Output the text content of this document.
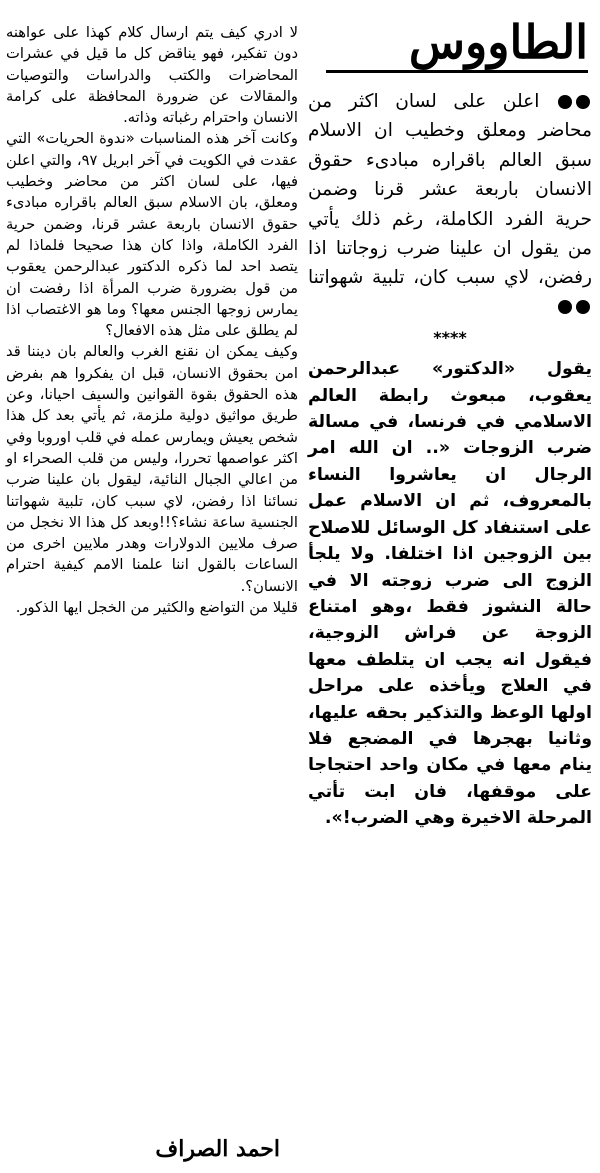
الطاووس

اعلن على لسان اكثر من محاضر ومعلق وخطيب ان الاسلام سبق العالم باقراره مبادىء حقوق الانسان باربعة عشر قرنا وضمن حرية الفرد الكاملة، رغم ذلك يأتي من يقول ان علينا ضرب زوجاتنا اذا رفضن، لاي سبب كان، تلبية شهواتنا

****

يقول «الدكتور» عبدالرحمن يعقوب، مبعوث رابطة العالم الاسلامي في فرنسا، في مسالة ضرب الزوجات «.. ان الله امر الرجال ان يعاشروا النساء بالمعروف، ثم ان الاسلام عمل على استنفاد كل الوسائل للاصلاح بين الزوجين اذا اختلفا. ولا يلجأ الزوج الى ضرب زوجته الا في حالة النشوز فقط ،وهو امتناع الزوجة عن فراش الزوجية، فيقول انه يجب ان يتلطف معها في العلاج ويأخذه على مراحل اولها الوعظ والتذكير بحقه عليها، وثانيا بهجرها في المضجع فلا ينام معها في مكان واحد احتجاجا على موقفها، فان ابت تأتي المرحلة الاخيرة وهي الضرب!».

لا ادري كيف يتم ارسال كلام كهذا على عواهنه دون تفكير، فهو يناقض كل ما قيل في عشرات المحاضرات والكتب والدراسات والتوصيات والمقالات عن ضرورة المحافظة على كرامة الانسان واحترام رغباته وذاته.

وكانت آخر هذه المناسبات «ندوة الحريات» التي عقدت في الكويت في آخر ابريل ٩٧، والتي اعلن فيها، على لسان اكثر من محاضر وخطيب ومعلق، بان الاسلام سبق العالم باقراره مبادىء حقوق الانسان باربعة عشر قرنا، وضمن حرية الفرد الكاملة، واذا كان هذا صحيحا فلماذا لم يتصد احد لما ذكره الدكتور عبدالرحمن يعقوب من قول بضرورة ضرب المرأة اذا رفضت ان يمارس زوجها الجنس معها؟ وما هو الاغتصاب اذا لم يطلق على مثل هذه الافعال؟

وكيف يمكن ان نقنع الغرب والعالم بان ديننا قد امن بحقوق الانسان، قبل ان يفكروا هم بفرض هذه الحقوق بقوة القوانين والسيف احيانا، وعن طريق مواثيق دولية ملزمة، ثم يأتي بعد كل هذا شخص يعيش ويمارس عمله في قلب اوروبا وفي اكثر عواصمها تحررا، وليس من قلب الصحراء او من اعالي الجبال النائية، ليقول بان علينا ضرب نسائنا اذا رفضن، لاي سبب كان، تلبية شهواتنا الجنسية ساعة نشاء؟!!وبعد كل هذا الا نخجل من صرف ملايين الدولارات وهدر ملايين اخرى من الساعات بالقول اننا علمنا الامم كيفية احترام الانسان؟.

قليلا من التواضع والكثير من الخجل ايها الذكور.

احمد الصراف
